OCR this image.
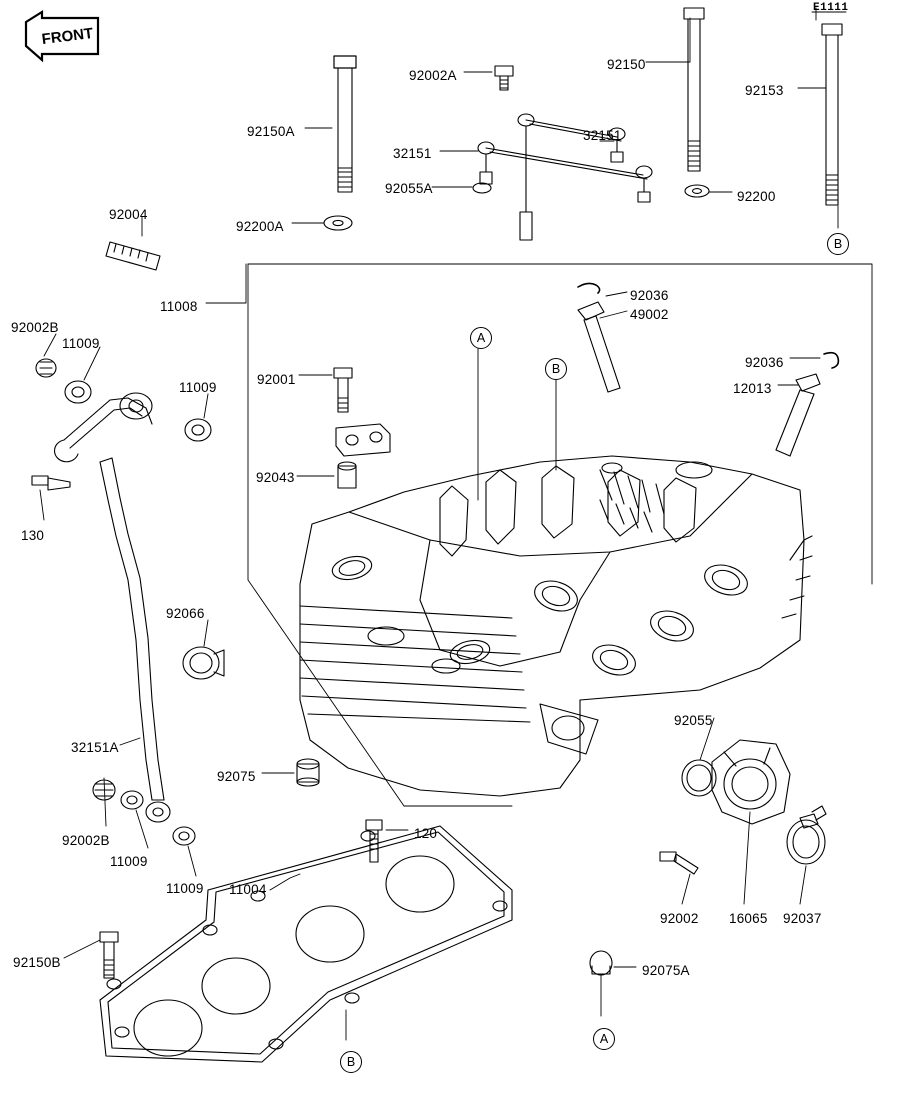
FRONT
E1111
92150A
92002A
92150
92153
32151
32151
92055A
92200
92200A
92004
11008
92036
49002
92036
12013
92002B
11009
11009
92001
92043
130
92066
32151A
92075
92055
92002B
11009
11009
120
11004
92002 16065 92037
92150B
92075A
A
B
B
B
A
